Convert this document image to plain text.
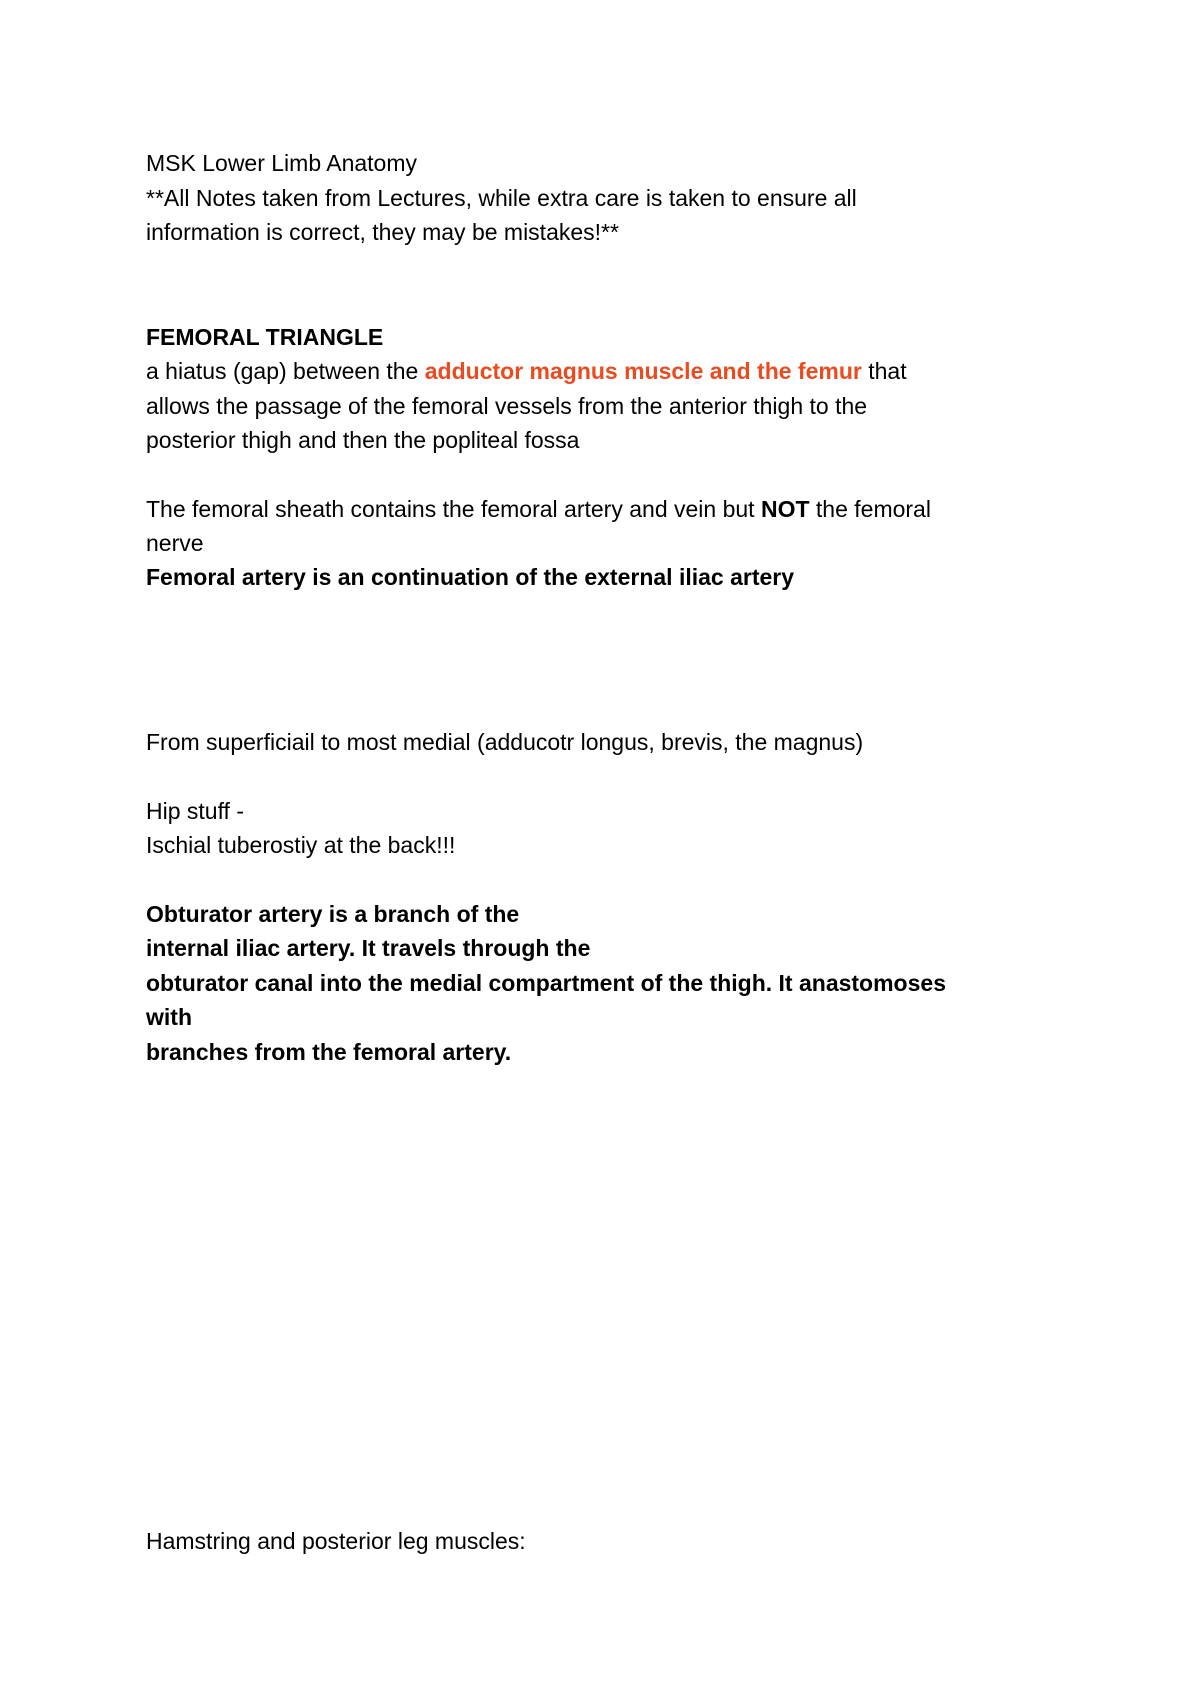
MSK Lower Limb Anatomy
**All Notes taken from Lectures, while extra care is taken to ensure all
information is correct, they may be mistakes!**
FEMORAL TRIANGLE
a hiatus (gap) between the adductor magnus muscle and the femur that
allows the passage of the femoral vessels from the anterior thigh to the
posterior thigh and then the popliteal fossa
The femoral sheath contains the femoral artery and vein but NOT the femoral
nerve
Femoral artery is an continuation of the external iliac artery
From superficiail to most medial (adducotr longus, brevis, the magnus)
Hip stuff -
Ischial tuberostiy at the back!!!
Obturator artery is a branch of the
internal iliac artery. It travels through the
obturator canal into the medial compartment of the thigh. It anastomoses
with
branches from the femoral artery.
Hamstring and posterior leg muscles:
